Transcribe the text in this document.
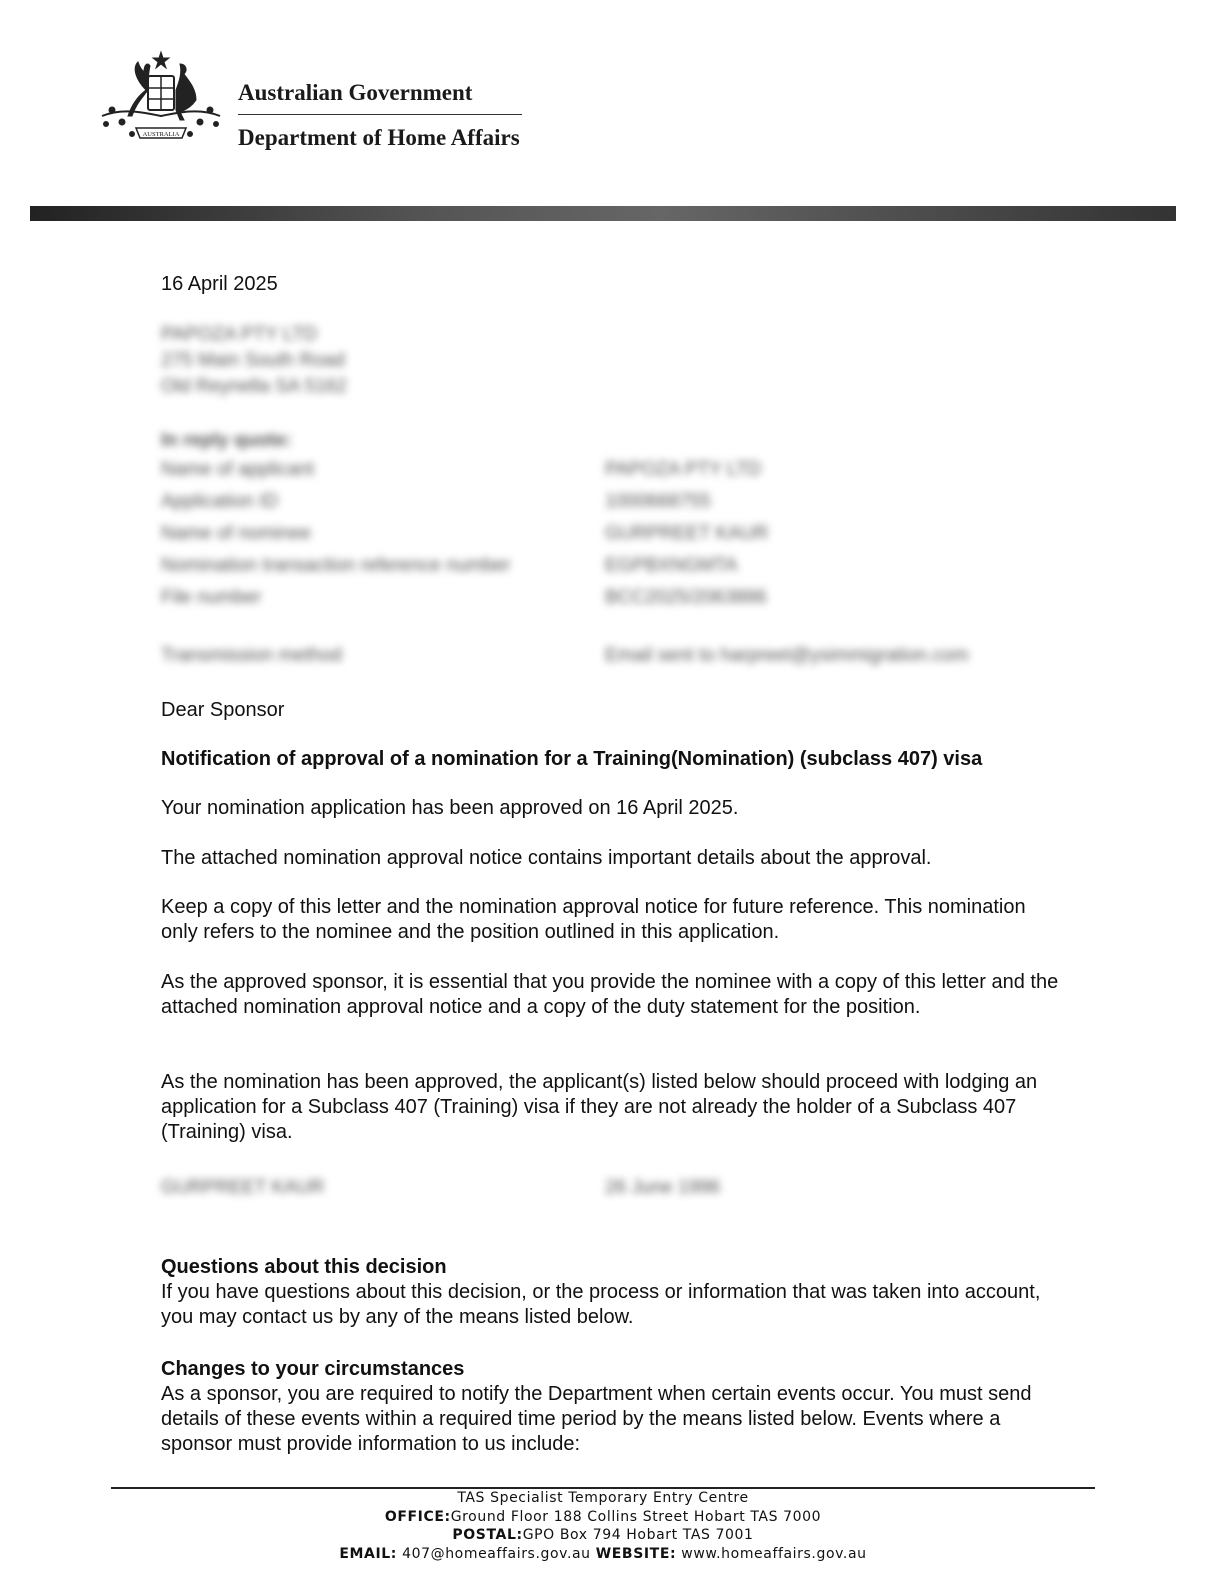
AUSTRALIA
Australian Government
Department of Home Affairs
16 April 2025
PAPOZA PTY LTD
275 Main South Road
Old Reynella SA 5162
In reply quote:
Name of applicant	PAPOZA PTY LTD
Application ID	1000668755
Name of nominee	GURPREET KAUR
Nomination transaction reference number	EGPBXNGMTA
File number	BCC2025/2063886
Transmission method	Email sent to harpreet@ysimmigration.com
Dear Sponsor
Notification of approval of a nomination for a Training(Nomination) (subclass 407) visa
Your nomination application has been approved on 16 April 2025.
The attached nomination approval notice contains important details about the approval.
Keep a copy of this letter and the nomination approval notice for future reference. This nomination only refers to the nominee and the position outlined in this application.
As the approved sponsor, it is essential that you provide the nominee with a copy of this letter and the attached nomination approval notice and a copy of the duty statement for the position.
As the nomination has been approved, the applicant(s) listed below should proceed with lodging an application for a Subclass 407 (Training) visa if they are not already the holder of a Subclass 407 (Training) visa.
GURPREET KAUR	26 June 1996
Questions about this decision
If you have questions about this decision, or the process or information that was taken into account, you may contact us by any of the means listed below.
Changes to your circumstances
As a sponsor, you are required to notify the Department when certain events occur. You must send details of these events within a required time period by the means listed below. Events where a sponsor must provide information to us include:
TAS Specialist Temporary Entry Centre
OFFICE:Ground Floor 188 Collins Street Hobart TAS 7000
POSTAL:GPO Box 794 Hobart TAS 7001
EMAIL: 407@homeaffairs.gov.au WEBSITE: www.homeaffairs.gov.au
